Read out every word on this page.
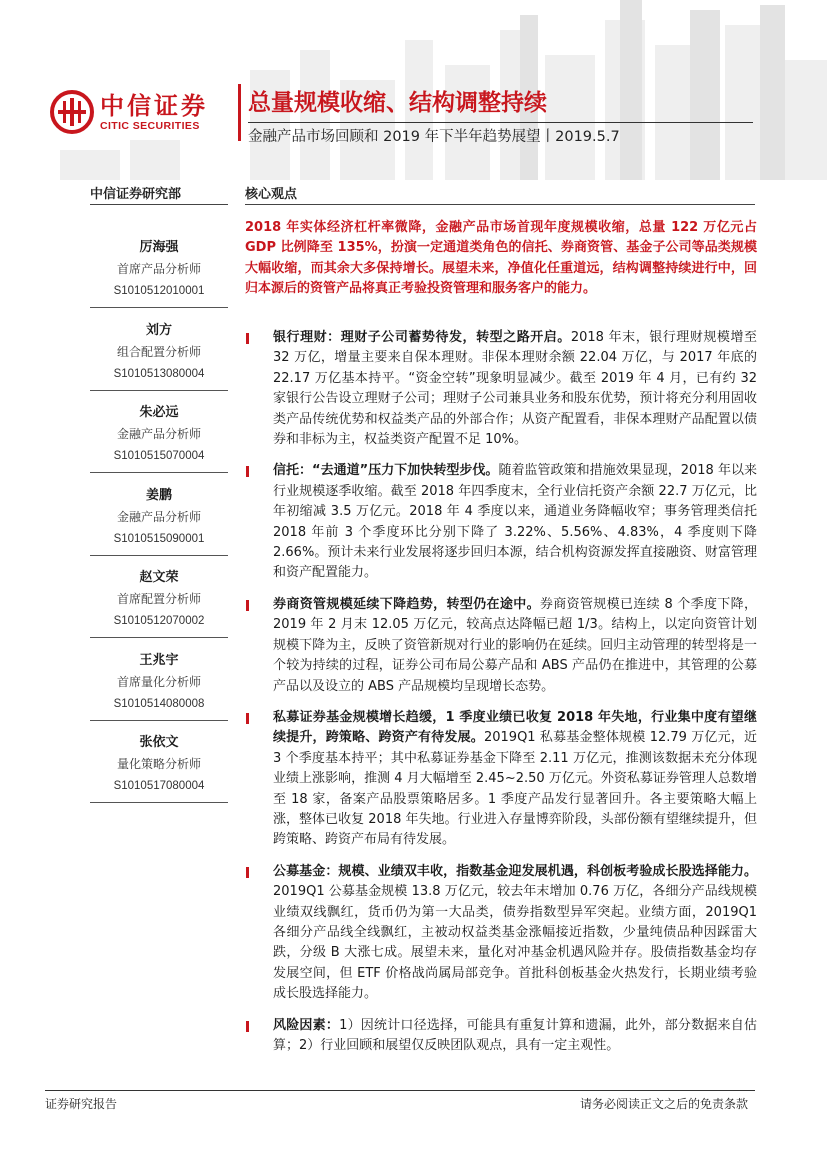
中信证券
CITIC SECURITIES
总量规模收缩、结构调整持续
金融产品市场回顾和 2019 年下半年趋势展望丨2019.5.7
中信证券研究部	核心观点
厉海强
首席产品分析师
S1010512010001
刘方
组合配置分析师
S1010513080004
朱必远
金融产品分析师
S1010515070004
姜鹏
金融产品分析师
S1010515090001
赵文荣
首席配置分析师
S1010512070002
王兆宇
首席量化分析师
S1010514080008
张依文
量化策略分析师
S1010517080004

2018 年实体经济杠杆率微降，金融产品市场首现年度规模收缩，总量 122 万亿元占 GDP 比例降至 135%，扮演一定通道类角色的信托、券商资管、基金子公司等品类规模大幅收缩，而其余大多保持增长。展望未来，净值化任重道远，结构调整持续进行中，回归本源后的资管产品将真正考验投资管理和服务客户的能力。

银行理财：理财子公司蓄势待发，转型之路开启。2018 年末，银行理财规模增至 32 万亿，增量主要来自保本理财。非保本理财余额 22.04 万亿，与 2017 年底的 22.17 万亿基本持平。“资金空转”现象明显减少。截至 2019 年 4 月，已有约 32 家银行公告设立理财子公司；理财子公司兼具业务和股东优势，预计将充分利用固收类产品传统优势和权益类产品的外部合作；从资产配置看，非保本理财产品配置以债券和非标为主，权益类资产配置不足 10%。
信托：“去通道”压力下加快转型步伐。随着监管政策和措施效果显现，2018 年以来行业规模逐季收缩。截至 2018 年四季度末，全行业信托资产余额 22.7 万亿元，比年初缩减 3.5 万亿元。2018 年 4 季度以来，通道业务降幅收窄；事务管理类信托 2018 年前 3 个季度环比分别下降了 3.22%、5.56%、4.83%，4 季度则下降 2.66%。预计未来行业发展将逐步回归本源，结合机构资源发挥直接融资、财富管理和资产配置能力。
券商资管规模延续下降趋势，转型仍在途中。券商资管规模已连续 8 个季度下降，2019 年 2 月末 12.05 万亿元，较高点达降幅已超 1/3。结构上，以定向资管计划规模下降为主，反映了资管新规对行业的影响仍在延续。回归主动管理的转型将是一个较为持续的过程，证券公司布局公募产品和 ABS 产品仍在推进中，其管理的公募产品以及设立的 ABS 产品规模均呈现增长态势。
私募证券基金规模增长趋缓，1 季度业绩已收复 2018 年失地，行业集中度有望继续提升，跨策略、跨资产有待发展。2019Q1 私募基金整体规模 12.79 万亿元，近 3 个季度基本持平；其中私募证券基金下降至 2.11 万亿元，推测该数据未充分体现业绩上涨影响，推测 4 月大幅增至 2.45~2.50 万亿元。外资私募证券管理人总数增至 18 家，备案产品股票策略居多。1 季度产品发行显著回升。各主要策略大幅上涨，整体已收复 2018 年失地。行业进入存量博弈阶段，头部份额有望继续提升，但跨策略、跨资产布局有待发展。
公募基金：规模、业绩双丰收，指数基金迎发展机遇，科创板考验成长股选择能力。2019Q1 公募基金规模 13.8 万亿元，较去年末增加 0.76 万亿，各细分产品线规模业绩双线飘红，货币仍为第一大品类，债券指数型异军突起。业绩方面，2019Q1 各细分产品线全线飘红，主被动权益类基金涨幅接近指数，少量纯债品种因踩雷大跌，分级 B 大涨七成。展望未来，量化对冲基金机遇风险并存。股债指数基金均存发展空间，但 ETF 价格战尚属局部竞争。首批科创板基金火热发行，长期业绩考验成长股选择能力。
风险因素：1）因统计口径选择，可能具有重复计算和遗漏，此外，部分数据来自估算；2）行业回顾和展望仅反映团队观点，具有一定主观性。
证券研究报告	请务必阅读正文之后的免责条款
